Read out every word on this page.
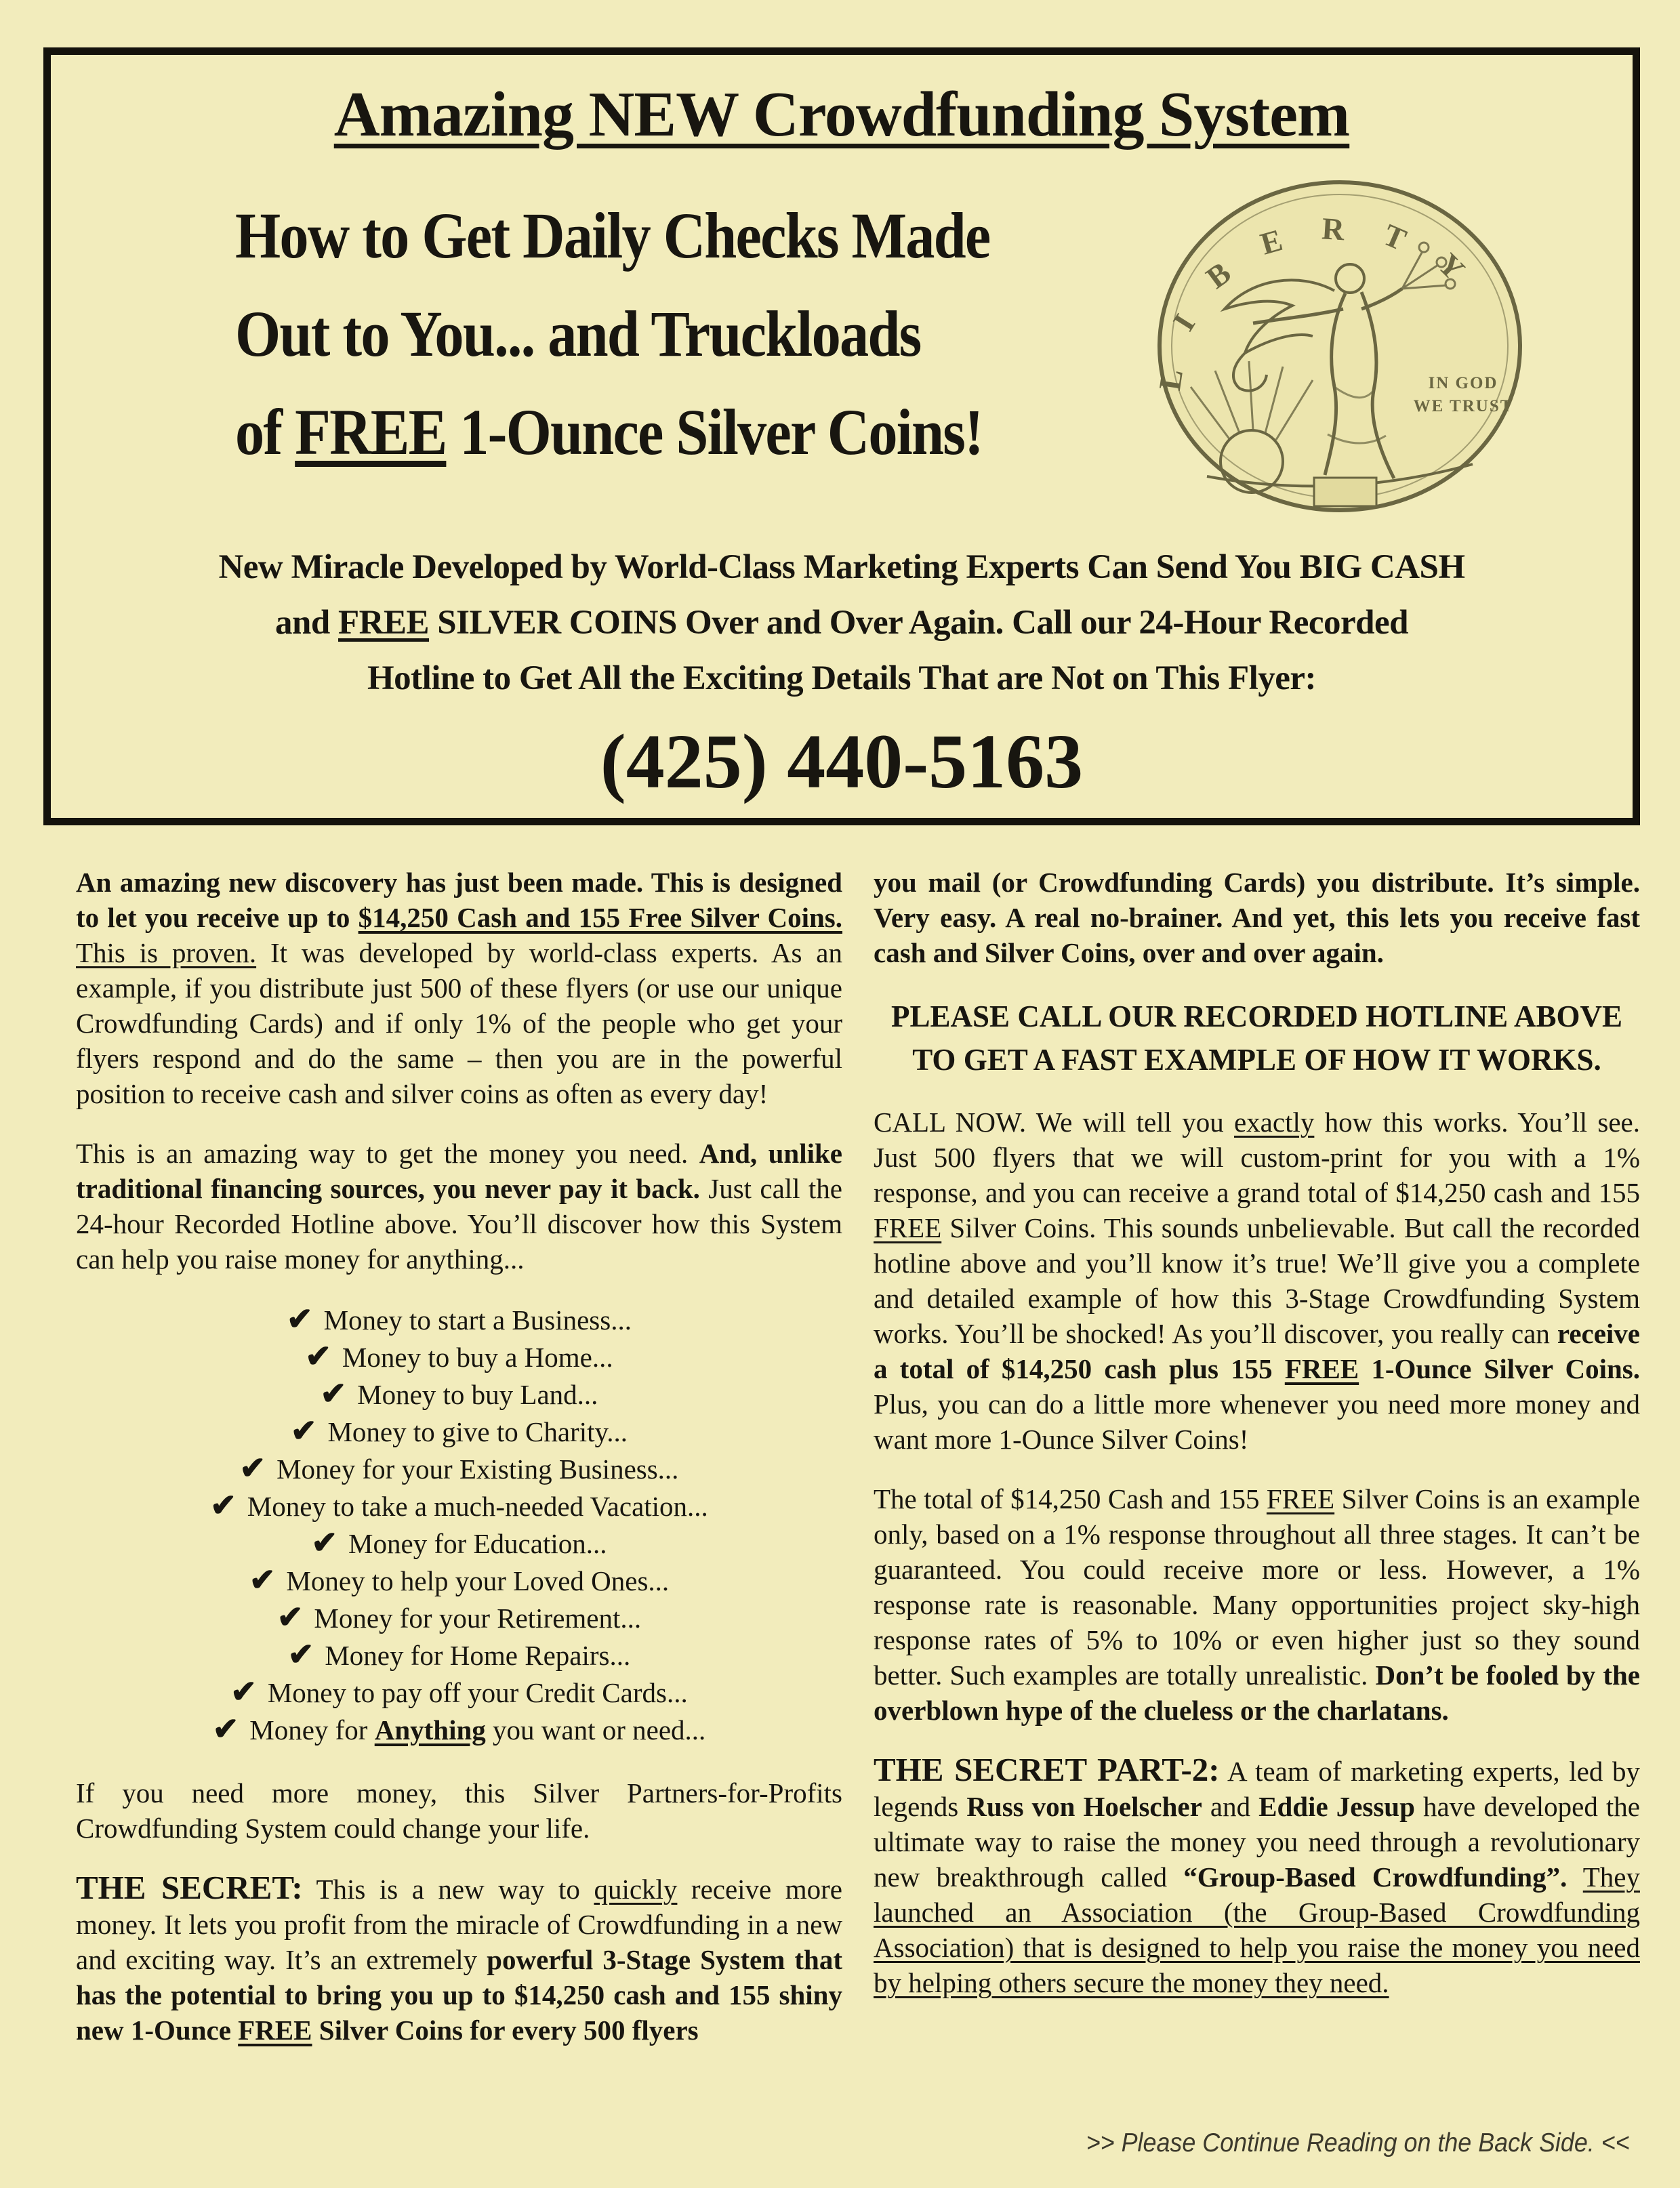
Amazing NEW Crowdfunding System
How to Get Daily Checks Made
Out to You... and Truckloads
of FREE 1-Ounce Silver Coins!
LIBERTY
IN GOD
WE TRUST
New Miracle Developed by World-Class Marketing Experts Can Send You BIG CASH
and FREE SILVER COINS Over and Over Again. Call our 24-Hour Recorded
Hotline to Get All the Exciting Details That are Not on This Flyer:
(425) 440-5163

An amazing new discovery has just been made. This is designed to let you receive up to $14,250 Cash and 155 Free Silver Coins. This is proven. It was developed by world-class experts. As an example, if you distribute just 500 of these flyers (or use our unique Crowdfunding Cards) and if only 1% of the people who get your flyers respond and do the same – then you are in the powerful position to receive cash and silver coins as often as every day!

This is an amazing way to get the money you need. And, unlike traditional financing sources, you never pay it back. Just call the 24-hour Recorded Hotline above. You’ll discover how this System can help you raise money for anything...

✔ Money to start a Business...
✔ Money to buy a Home...
✔ Money to buy Land...
✔ Money to give to Charity...
✔ Money for your Existing Business...
✔ Money to take a much-needed Vacation...
✔ Money for Education...
✔ Money to help your Loved Ones...
✔ Money for your Retirement...
✔ Money for Home Repairs...
✔ Money to pay off your Credit Cards...
✔ Money for Anything you want or need...

If you need more money, this Silver Partners-for-Profits Crowdfunding System could change your life.

THE SECRET: This is a new way to quickly receive more money. It lets you profit from the miracle of Crowdfunding in a new and exciting way. It’s an extremely powerful 3-Stage System that has the potential to bring you up to $14,250 cash and 155 shiny new 1-Ounce FREE Silver Coins for every 500 flyers

you mail (or Crowdfunding Cards) you distribute. It’s simple. Very easy. A real no-brainer. And yet, this lets you receive fast cash and Silver Coins, over and over again.

PLEASE CALL OUR RECORDED HOTLINE ABOVE TO GET A FAST EXAMPLE OF HOW IT WORKS.

CALL NOW. We will tell you exactly how this works. You’ll see. Just 500 flyers that we will custom-print for you with a 1% response, and you can receive a grand total of $14,250 cash and 155 FREE Silver Coins. This sounds unbelievable. But call the recorded hotline above and you’ll know it’s true! We’ll give you a complete and detailed example of how this 3-Stage Crowdfunding System works. You’ll be shocked! As you’ll discover, you really can receive a total of $14,250 cash plus 155 FREE 1-Ounce Silver Coins. Plus, you can do a little more whenever you need more money and want more 1-Ounce Silver Coins!

The total of $14,250 Cash and 155 FREE Silver Coins is an example only, based on a 1% response throughout all three stages. It can’t be guaranteed. You could receive more or less. However, a 1% response rate is reasonable. Many opportunities project sky-high response rates of 5% to 10% or even higher just so they sound better. Such examples are totally unrealistic. Don’t be fooled by the overblown hype of the clueless or the charlatans.

THE SECRET PART-2: A team of marketing experts, led by legends Russ von Hoelscher and Eddie Jessup have developed the ultimate way to raise the money you need through a revolutionary new breakthrough called “Group-Based Crowdfunding”. They launched an Association (the Group-Based Crowdfunding Association) that is designed to help you raise the money you need by helping others secure the money they need.

>> Please Continue Reading on the Back Side. <<
